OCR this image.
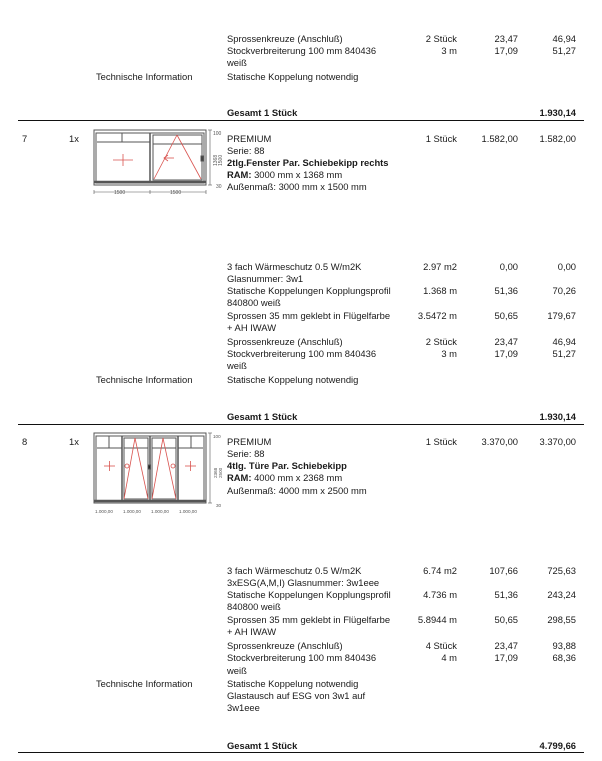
Sprossenkreuze (Anschluß)	2 Stück	23,47	46,94
Stockverbreiterung 100 mm 840436
weiß
3 m	17,09	51,27
Technische Information	Statische Koppelung notwendig
Gesamt 1 Stück	1.930,14
7	1x	100
30
1500	1500
1368 1500
PREMIUM
Serie: 88
2tlg.Fenster Par. Schiebekipp rechts
RAM: 3000 mm x 1368 mm
Außenmaß: 3000 mm x 1500 mm
1 Stück	1.582,00 1.582,00
3 fach Wärmeschutz 0.5 W/m2K
Glasnummer: 3w1
2.97 m2	0,00	0,00
Statische Koppelungen Kopplungsprofil
840800 weiß
1.368 m	51,36	70,26
Sprossen 35 mm geklebt in Flügelfarbe
+ AH IWAW
3.5472 m	50,65	179,67
Sprossenkreuze (Anschluß)	2 Stück	23,47	46,94
Stockverbreiterung 100 mm 840436
weiß
3 m	17,09	51,27
Technische Information	Statische Koppelung notwendig
Gesamt 1 Stück	1.930,14
8	1x	100
30
1.000,00 1.000,00 1.000,00 1.000,00
2368 2500
PREMIUM
Serie: 88
4tlg. Türe Par. Schiebekipp
RAM: 4000 mm x 2368 mm
Außenmaß: 4000 mm x 2500 mm
1 Stück	3.370,00 3.370,00
3 fach Wärmeschutz 0.5 W/m2K
3xESG(A,M,I) Glasnummer: 3w1eee
6.74 m2	107,66	725,63
Statische Koppelungen Kopplungsprofil
840800 weiß
4.736 m	51,36	243,24
Sprossen 35 mm geklebt in Flügelfarbe
+ AH IWAW
5.8944 m	50,65	298,55
Sprossenkreuze (Anschluß)	4 Stück	23,47	93,88
Stockverbreiterung 100 mm 840436
weiß
4 m	17,09	68,36
Technische Information	Statische Koppelung notwendig
Glastausch auf ESG von 3w1 auf
3w1eee
Gesamt 1 Stück	4.799,66
